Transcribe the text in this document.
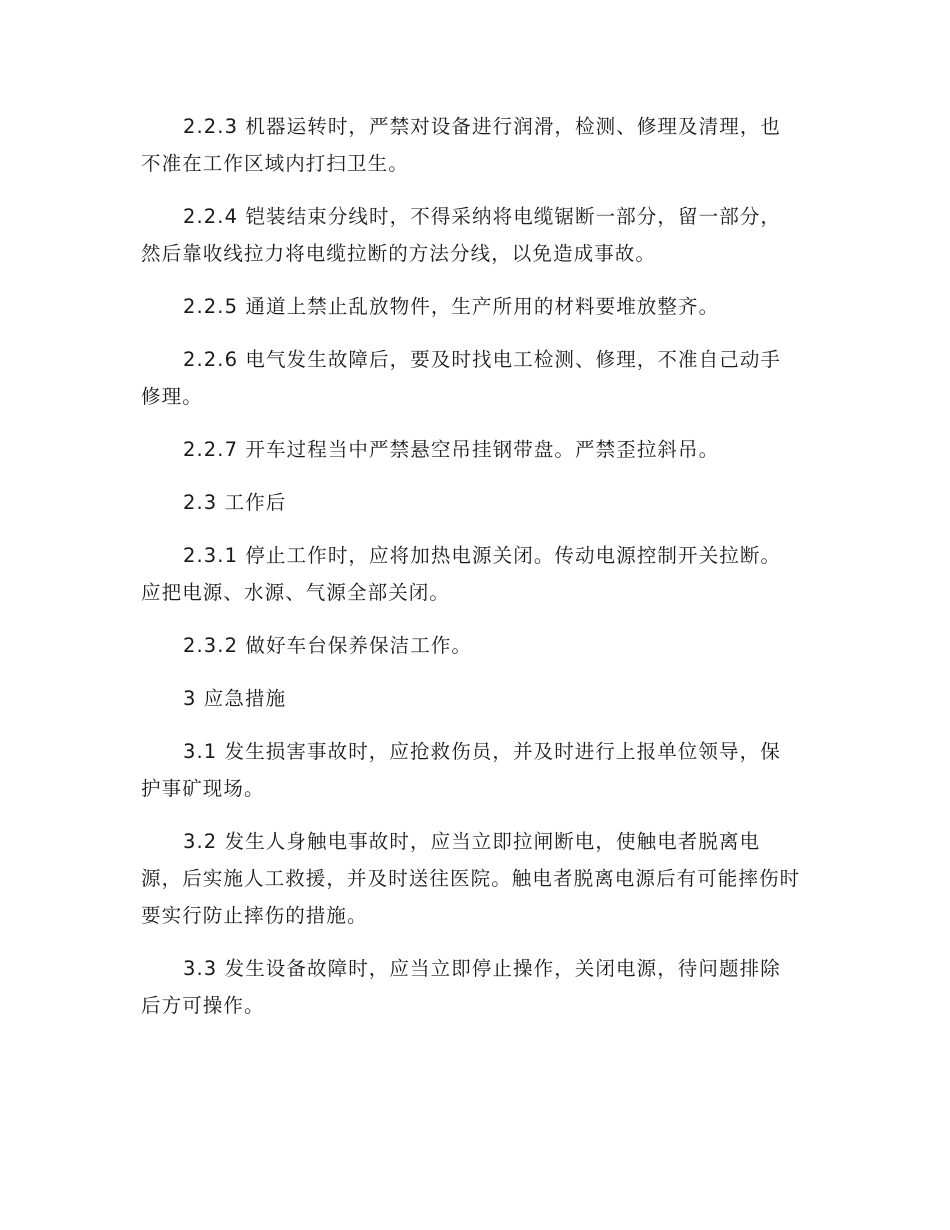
2.2.3 机器运转时，严禁对设备进行润滑，检测、修理及清理，也不准在工作区域内打扫卫生。

2.2.4 铠装结束分线时，不得采纳将电缆锯断一部分，留一部分，然后靠收线拉力将电缆拉断的方法分线，以免造成事故。

2.2.5 通道上禁止乱放物件，生产所用的材料要堆放整齐。

2.2.6 电气发生故障后，要及时找电工检测、修理，不准自己动手修理。

2.2.7 开车过程当中严禁悬空吊挂钢带盘。严禁歪拉斜吊。

2.3 工作后

2.3.1 停止工作时，应将加热电源关闭。传动电源控制开关拉断。应把电源、水源、气源全部关闭。

2.3.2 做好车台保养保洁工作。

3 应急措施

3.1 发生损害事故时，应抢救伤员，并及时进行上报单位领导，保护事矿现场。

3.2 发生人身触电事故时，应当立即拉闸断电，使触电者脱离电源，后实施人工救援，并及时送往医院。触电者脱离电源后有可能摔伤时要实行防止摔伤的措施。

3.3 发生设备故障时，应当立即停止操作，关闭电源，待问题排除后方可操作。
